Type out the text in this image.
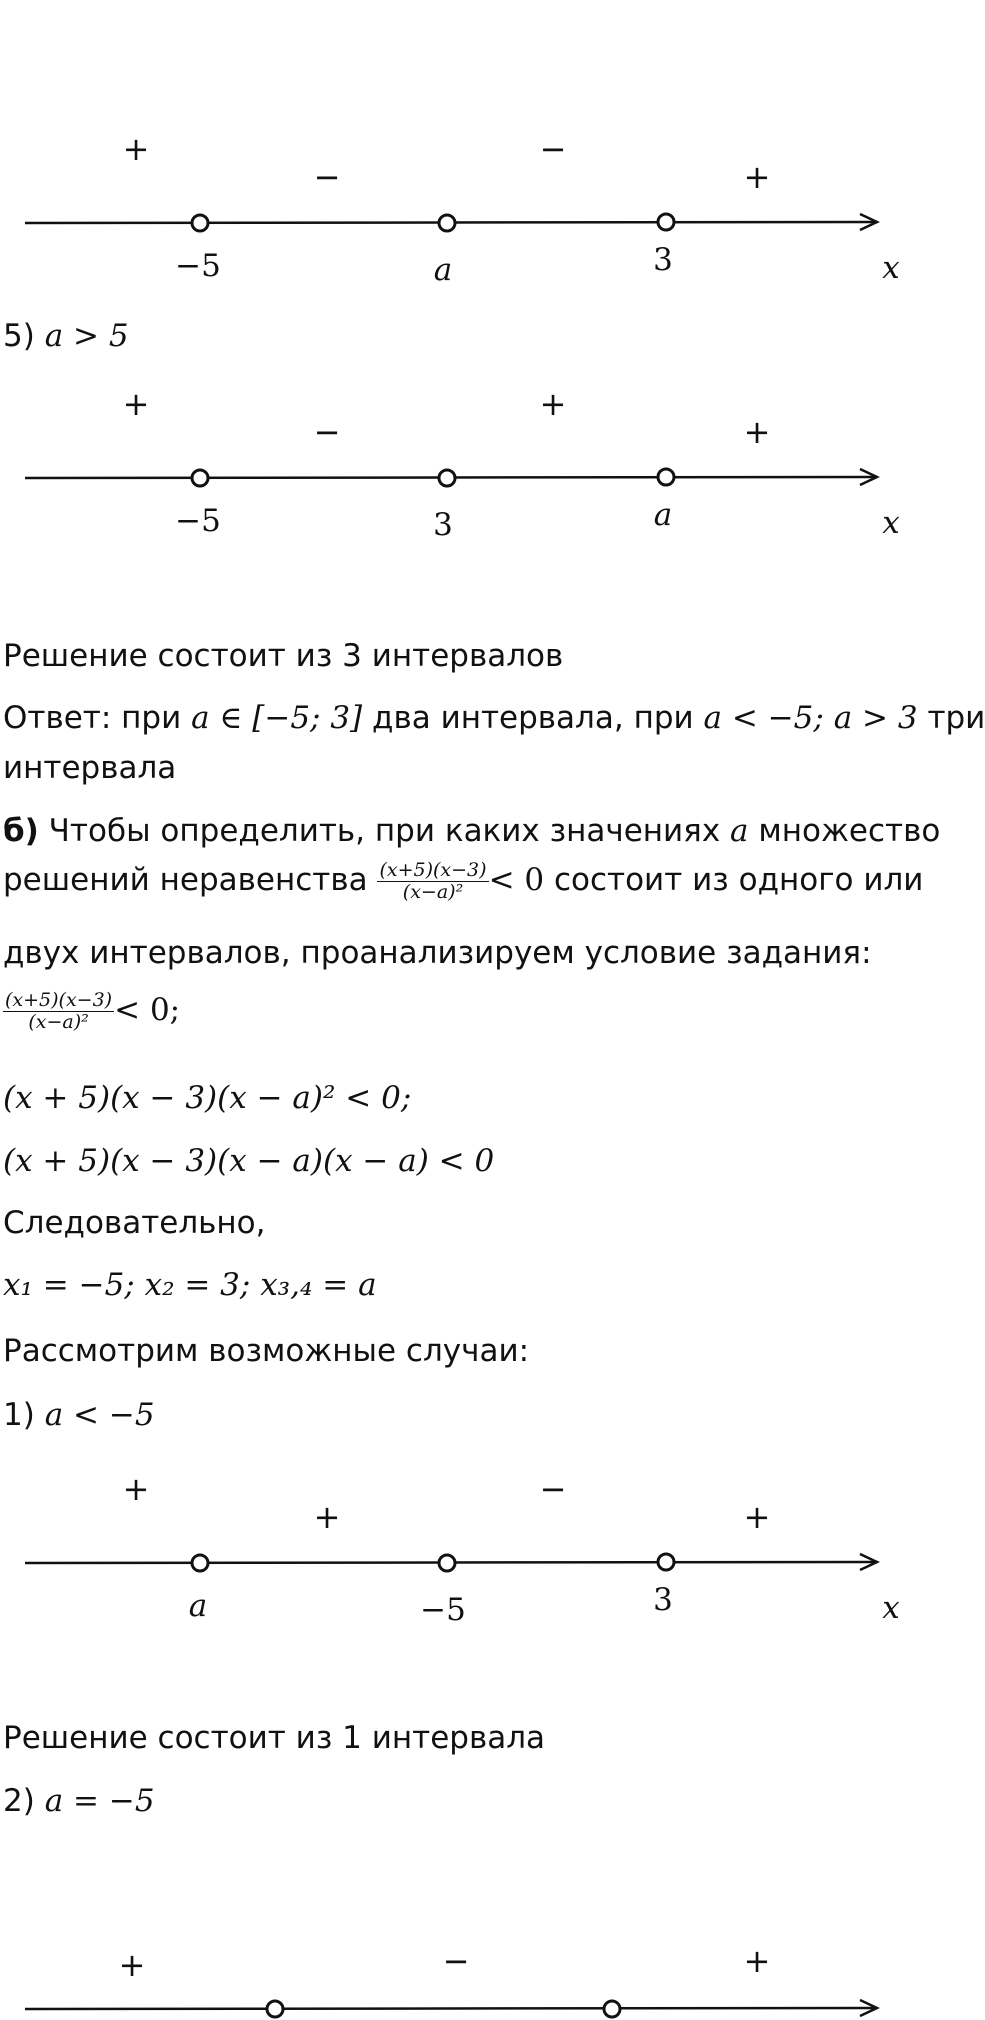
+
−
−
+
−5	a	3	x
5) a > 5
+
−
+
+
−5	3	a	x
Решение состоит из 3 интервалов
Ответ: при a ∈ [−5; 3] два интервала, при a < −5; a > 3 три
интервала
б) Чтобы определить, при каких значениях a множество
решений неравенства $\frac{(x+5)(x-3)}{\text{(x−a)²}} < 0$ состоит из одного или
двух интервалов, проанализируем условие задания:
$\frac{(x+5)(x-3)}{\text{(x−a)²}} < 0$;
(x + 5)(x − 3)(x − a)² < 0;
(x + 5)(x − 3)(x − a)(x − a) < 0
Следовательно,
x₁ = −5; x₂ = 3; x₃,₄ = a
Рассмотрим возможные случаи:
1) a < −5
+
+
−
+
a	−5	3	x
Решение состоит из 1 интервала
2) a = −5
+	−	+
